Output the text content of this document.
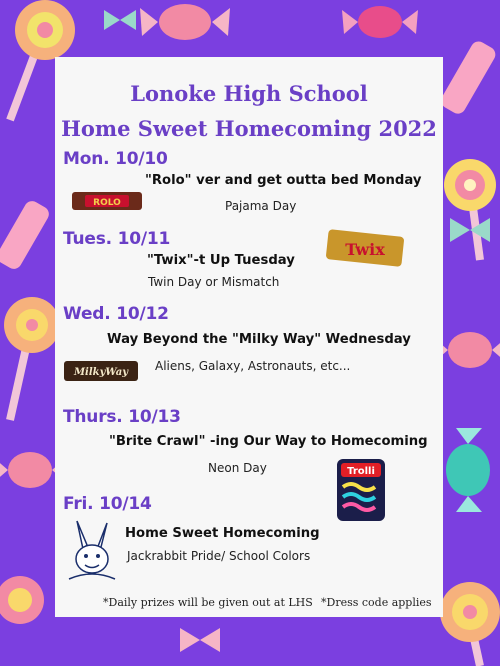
Lonoke High School
Home Sweet Homecoming 2022
Mon. 10/10
"Rolo" ver and get outta bed Monday
Pajama Day
ROLO
Tues. 10/11
"Twix"-t Up Tuesday
Twin Day or Mismatch
Twix
Wed. 10/12
Way Beyond the "Milky Way" Wednesday
Aliens, Galaxy, Astronauts, etc...
MilkyWay
Thurs. 10/13
"Brite Crawl" -ing Our Way to Homecoming
Neon Day	Trolli
Fri. 10/14
Home Sweet Homecoming
Jackrabbit Pride/ School Colors
*Daily prizes will be given out at LHS *Dress code applies
